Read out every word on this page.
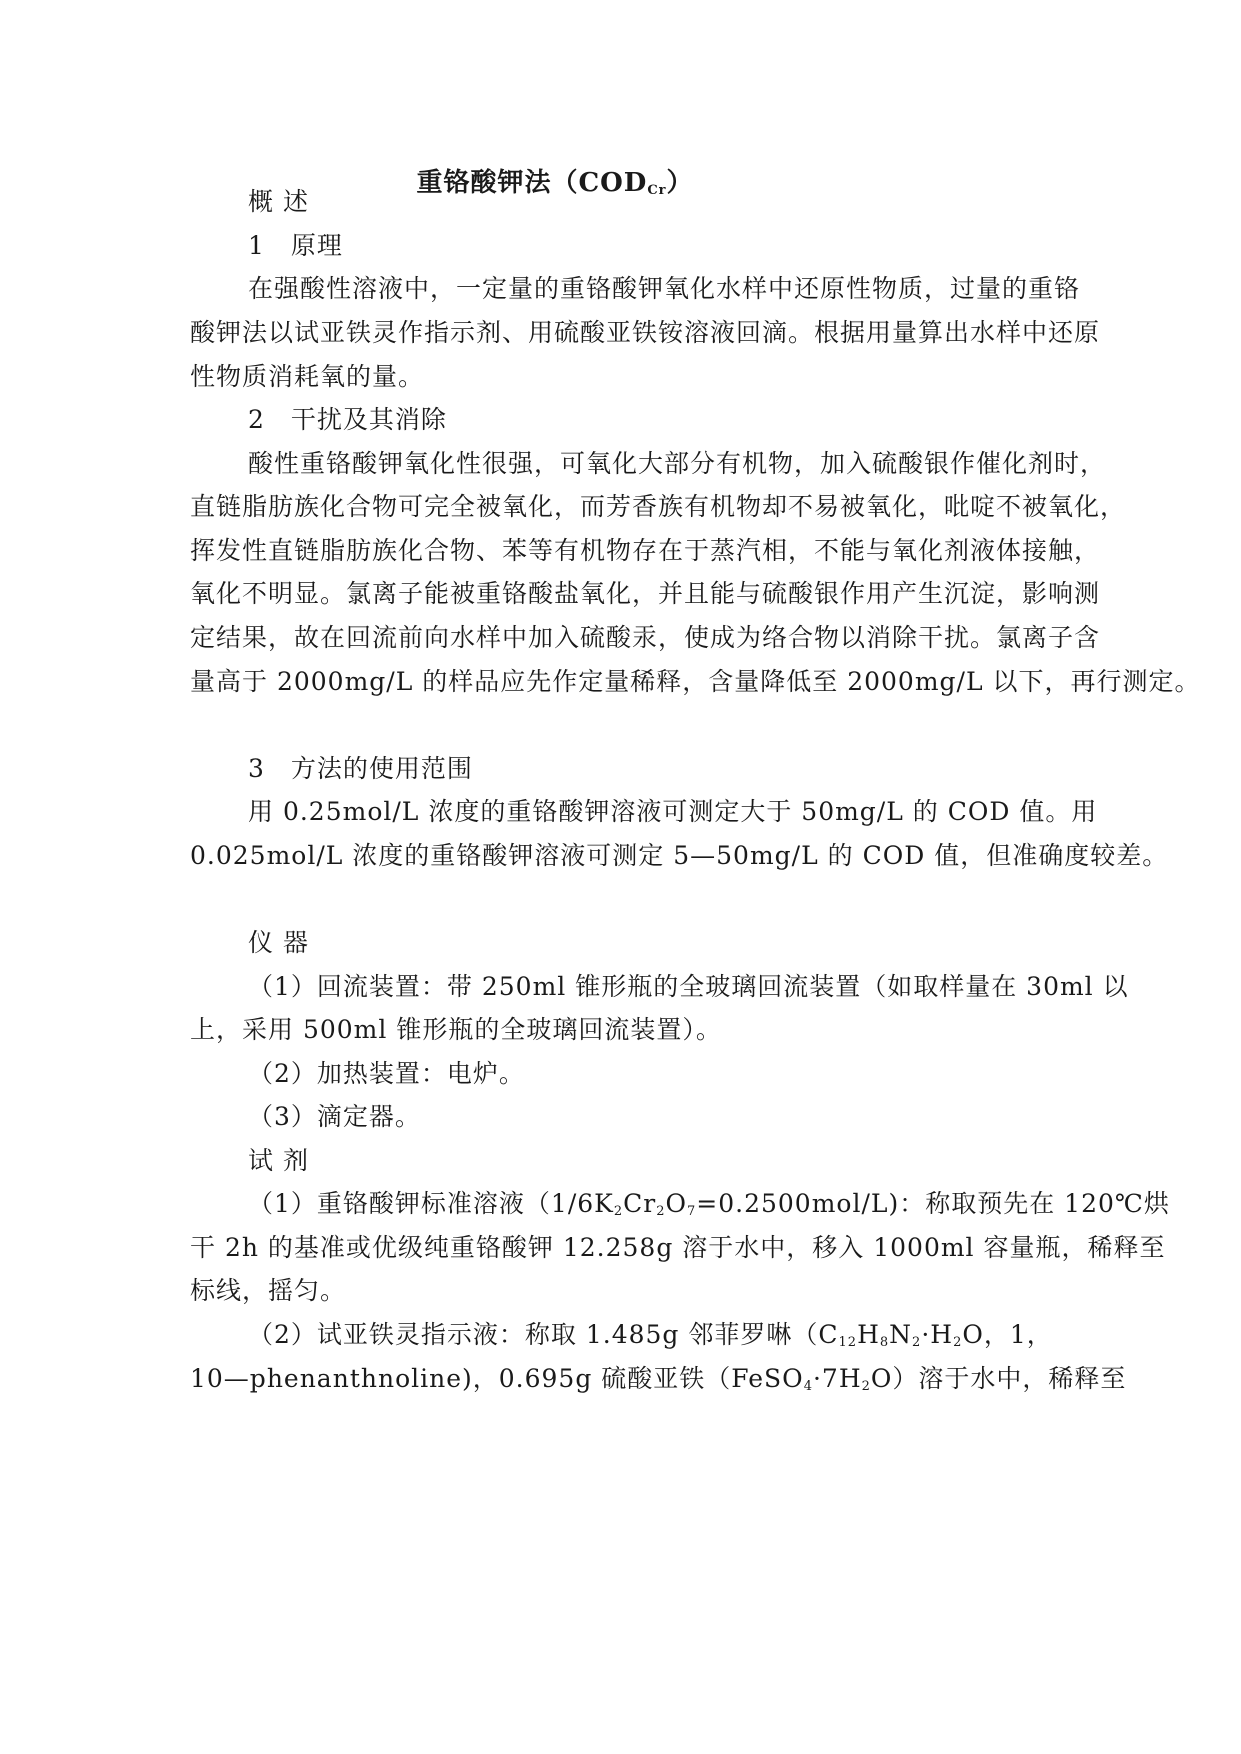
重铬酸钾法$(COD_{Cr})$
概 述
1　原理
在强酸性溶液中，一定量的重铬酸钾氧化水样中还原性物质，过量的重铬
酸钾法以试亚铁灵作指示剂、用硫酸亚铁铵溶液回滴。根据用量算出水样中还原
性物质消耗氧的量。
2　干扰及其消除
酸性重铬酸钾氧化性很强，可氧化大部分有机物，加入硫酸银作催化剂时，
直链脂肪族化合物可完全被氧化，而芳香族有机物却不易被氧化，吡啶不被氧化，
挥发性直链脂肪族化合物、苯等有机物存在于蒸汽相，不能与氧化剂液体接触，
氧化不明显。氯离子能被重铬酸盐氧化，并且能与硫酸银作用产生沉淀，影响测
定结果，故在回流前向水样中加入硫酸汞，使成为络合物以消除干扰。氯离子含
量高于 2000mg/L 的样品应先作定量稀释，含量降低至 2000mg/L 以下，再行测定。
3　方法的使用范围
用 0.25mol/L 浓度的重铬酸钾溶液可测定大于 50mg/L 的 COD 值。用
0.025mol/L 浓度的重铬酸钾溶液可测定 5—50mg/L 的 COD 值，但准确度较差。
仪 器
（1）回流装置：带 250ml 锥形瓶的全玻璃回流装置（如取样量在 30ml 以
上，采用 500ml 锥形瓶的全玻璃回流装置）。
（2）加热装置：电炉。
（3）滴定器。
试 剂
（1）重铬酸钾标准溶液$(1/6K_2Cr_2O_7=0.2500mol/L)$：称取预先在 120℃烘
干 2h 的基准或优级纯重铬酸钾 12.258g 溶于水中，移入 1000ml 容量瓶，稀释至
标线，摇匀。
（2）试亚铁灵指示液：称取 1.485g 邻菲罗啉（$C_{12}H_8N_2\cdot H_2O$，1，
10—phenanthnoline)，0.695g 硫酸亚铁$(FeSO_4\cdot 7H_2O)$溶于水中，稀释至
